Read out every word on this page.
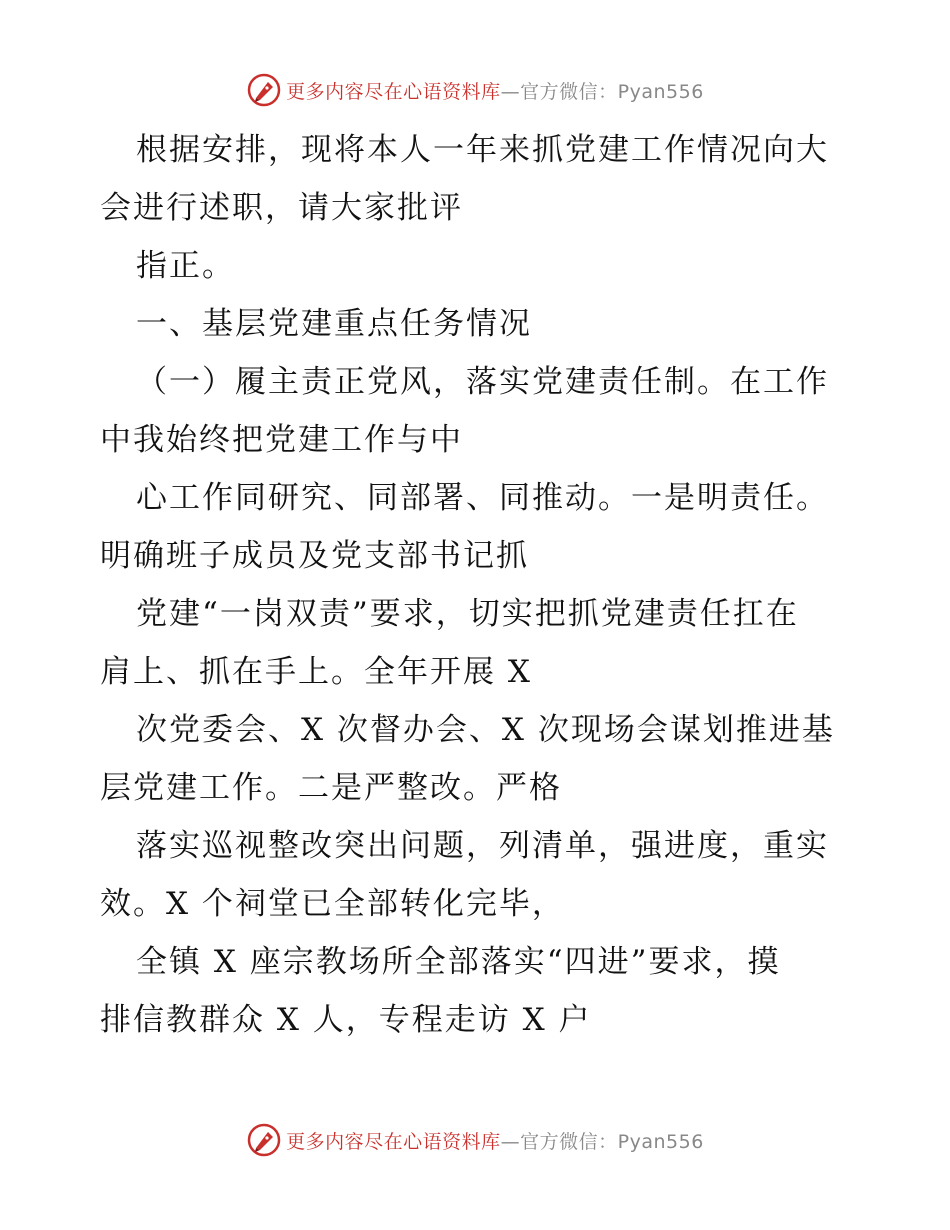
更多内容尽在心语资料库—官方微信：Pyan556
根据安排，现将本人一年来抓党建工作情况向大
会进行述职，请大家批评
指正。
一、基层党建重点任务情况
（一）履主责正党风，落实党建责任制。在工作
中我始终把党建工作与中
心工作同研究、同部署、同推动。一是明责任。
明确班子成员及党支部书记抓
党建“一岗双责”要求，切实把抓党建责任扛在
肩上、抓在手上。全年开展 X
次党委会、X 次督办会、X 次现场会谋划推进基
层党建工作。二是严整改。严格
落实巡视整改突出问题，列清单，强进度，重实
效。X 个祠堂已全部转化完毕，
全镇 X 座宗教场所全部落实“四进”要求，摸
排信教群众 X 人，专程走访 X 户
更多内容尽在心语资料库—官方微信：Pyan556
